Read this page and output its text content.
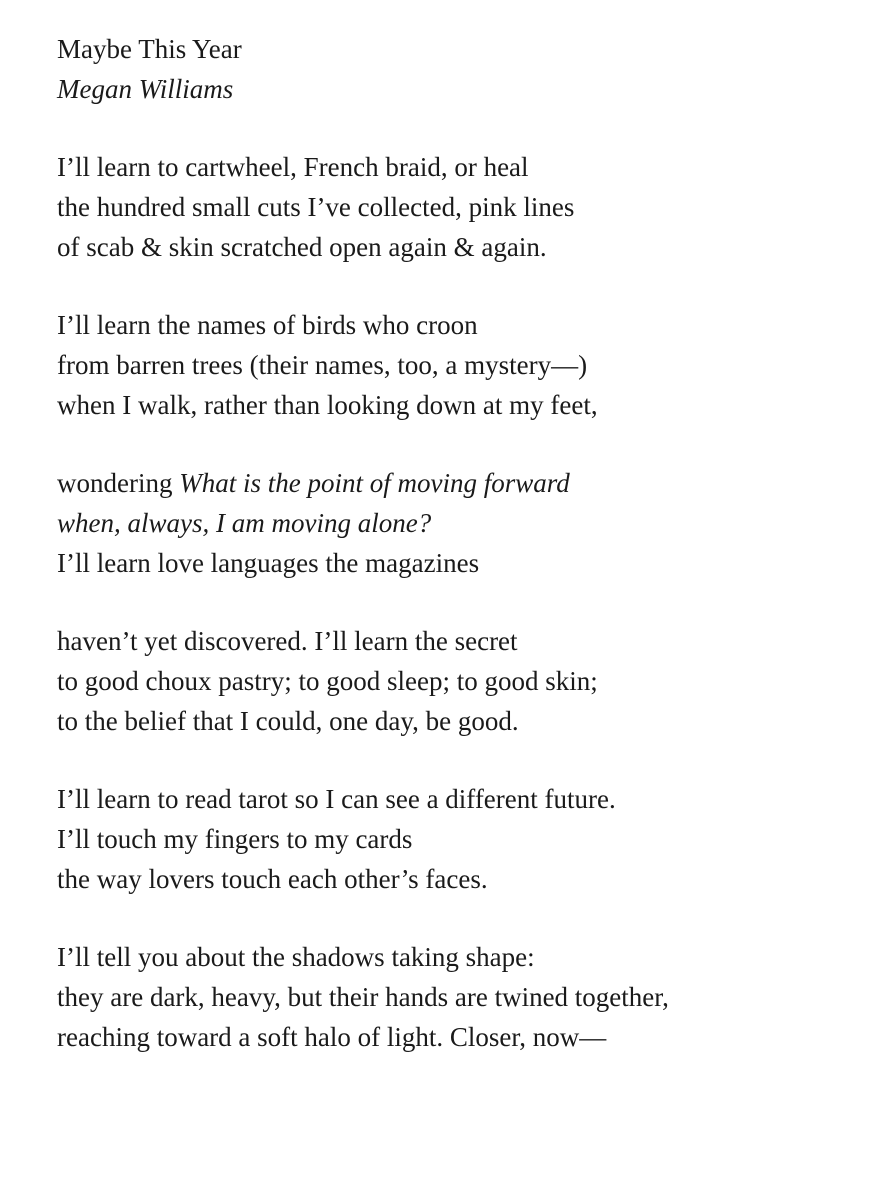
Maybe This Year
Megan Williams
I’ll learn to cartwheel, French braid, or heal
the hundred small cuts I’ve collected, pink lines
of scab & skin scratched open again & again.
I’ll learn the names of birds who croon
from barren trees (their names, too, a mystery—)
when I walk, rather than looking down at my feet,
wondering What is the point of moving forward
when, always, I am moving alone?
I’ll learn love languages the magazines
haven’t yet discovered. I’ll learn the secret
to good choux pastry; to good sleep; to good skin;
to the belief that I could, one day, be good.
I’ll learn to read tarot so I can see a different future.
I’ll touch my fingers to my cards
the way lovers touch each other’s faces.
I’ll tell you about the shadows taking shape:
they are dark, heavy, but their hands are twined together,
reaching toward a soft halo of light. Closer, now—
